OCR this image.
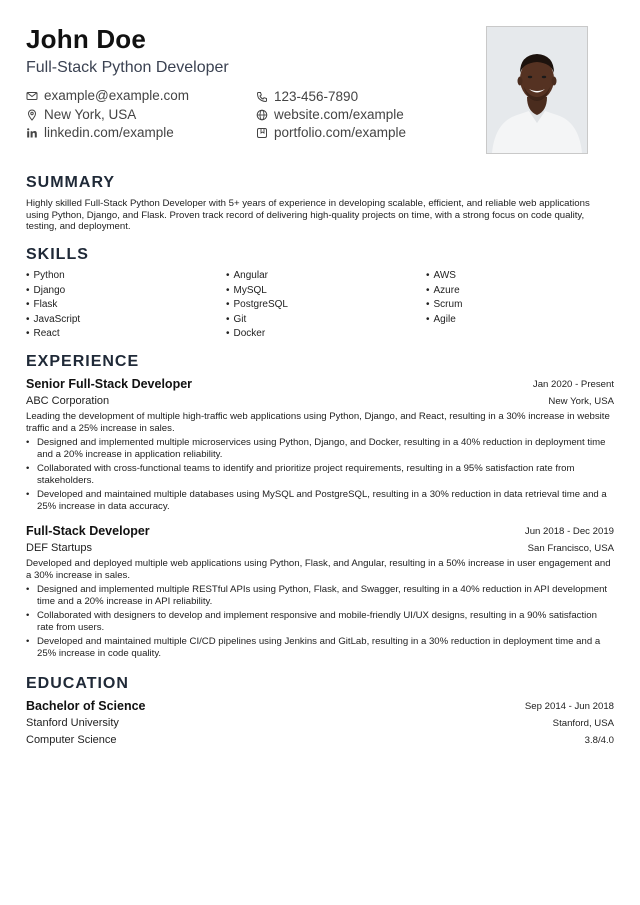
John Doe
Full-Stack Python Developer
example@example.com	123-456-7890
New York, USA	website.com/example
linkedin.com/example	portfolio.com/example
SUMMARY
Highly skilled Full-Stack Python Developer with 5+ years of experience in developing scalable, efficient, and reliable web applications using Python, Django, and Flask. Proven track record of delivering high-quality projects on time, with a strong focus on code quality, testing, and deployment.
SKILLS
• Python
• Django
• Flask
• JavaScript
• React
• Angular
• MySQL
• PostgreSQL
• Git
• Docker
• AWS
• Azure
• Scrum
• Agile
EXPERIENCE
Senior Full-Stack Developer	Jan 2020 - Present
ABC Corporation	New York, USA
Leading the development of multiple high-traffic web applications using Python, Django, and React, resulting in a 30% increase in website traffic and a 25% increase in sales.
• Designed and implemented multiple microservices using Python, Django, and Docker, resulting in a 40% reduction in deployment time and a 20% increase in application reliability.
• Collaborated with cross-functional teams to identify and prioritize project requirements, resulting in a 95% satisfaction rate from stakeholders.
• Developed and maintained multiple databases using MySQL and PostgreSQL, resulting in a 30% reduction in data retrieval time and a 25% increase in data accuracy.
Full-Stack Developer	Jun 2018 - Dec 2019
DEF Startups	San Francisco, USA
Developed and deployed multiple web applications using Python, Flask, and Angular, resulting in a 50% increase in user engagement and a 30% increase in sales.
• Designed and implemented multiple RESTful APIs using Python, Flask, and Swagger, resulting in a 40% reduction in API development time and a 20% increase in API reliability.
• Collaborated with designers to develop and implement responsive and mobile-friendly UI/UX designs, resulting in a 90% satisfaction rate from users.
• Developed and maintained multiple CI/CD pipelines using Jenkins and GitLab, resulting in a 30% reduction in deployment time and a 25% increase in code quality.
EDUCATION
Bachelor of Science	Sep 2014 - Jun 2018
Stanford University	Stanford, USA
Computer Science	3.8/4.0
